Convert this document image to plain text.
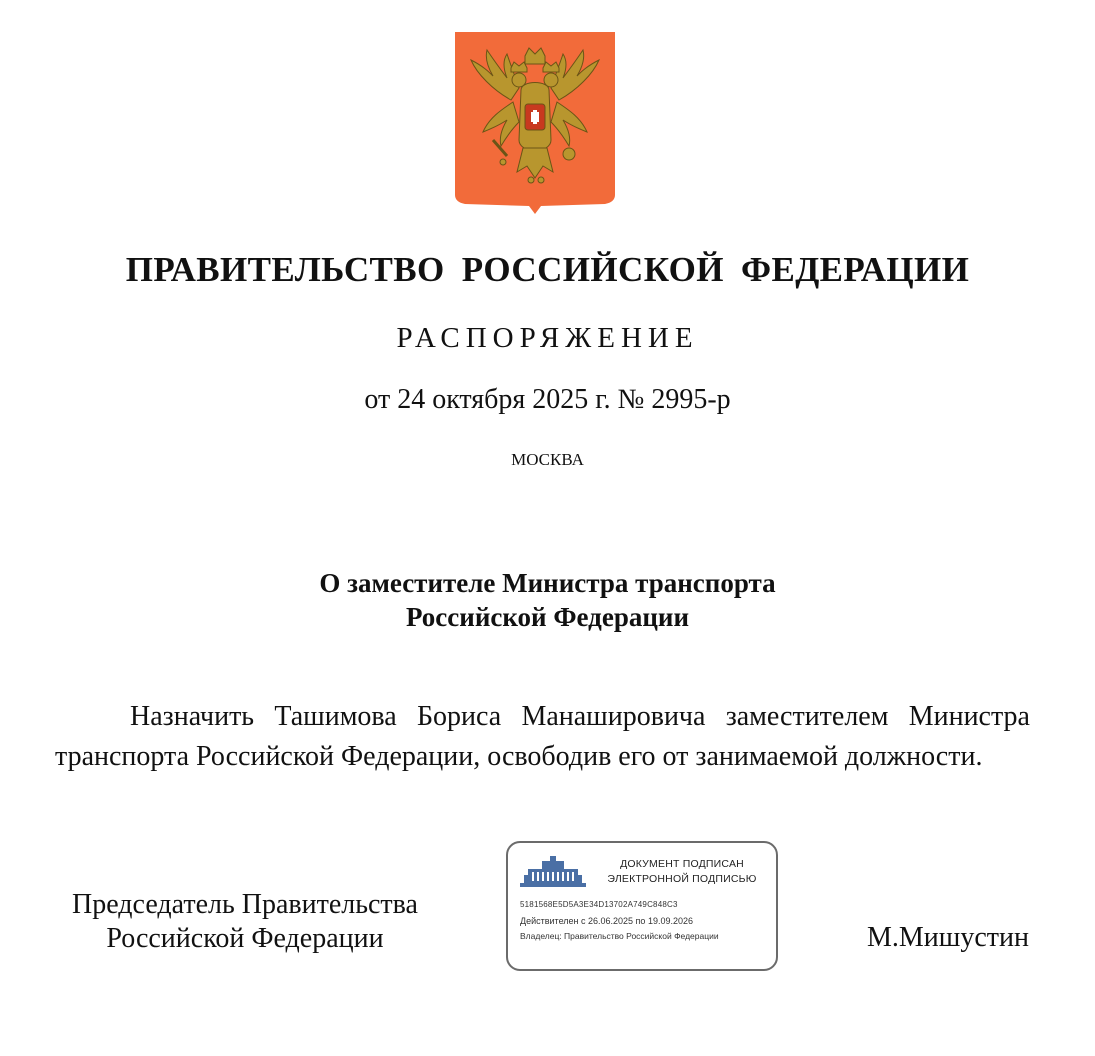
ПРАВИТЕЛЬСТВО РОССИЙСКОЙ ФЕДЕРАЦИИ
РАСПОРЯЖЕНИЕ
от 24 октября 2025 г. № 2995-р
МОСКВА
О заместителе Министра транспорта
Российской Федерации
Назначить Ташимова Бориса Манашировича заместителем Министра транспорта Российской Федерации, освободив его от занимаемой должности.
Председатель Правительства
Российской Федерации
ДОКУМЕНТ ПОДПИСАН
ЭЛЕКТРОННОЙ ПОДПИСЬЮ
5181568E5D5A3E34D13702A749C848C3
Действителен с 26.06.2025 по 19.09.2026
Владелец: Правительство Российской Федерации	М.Мишустин
